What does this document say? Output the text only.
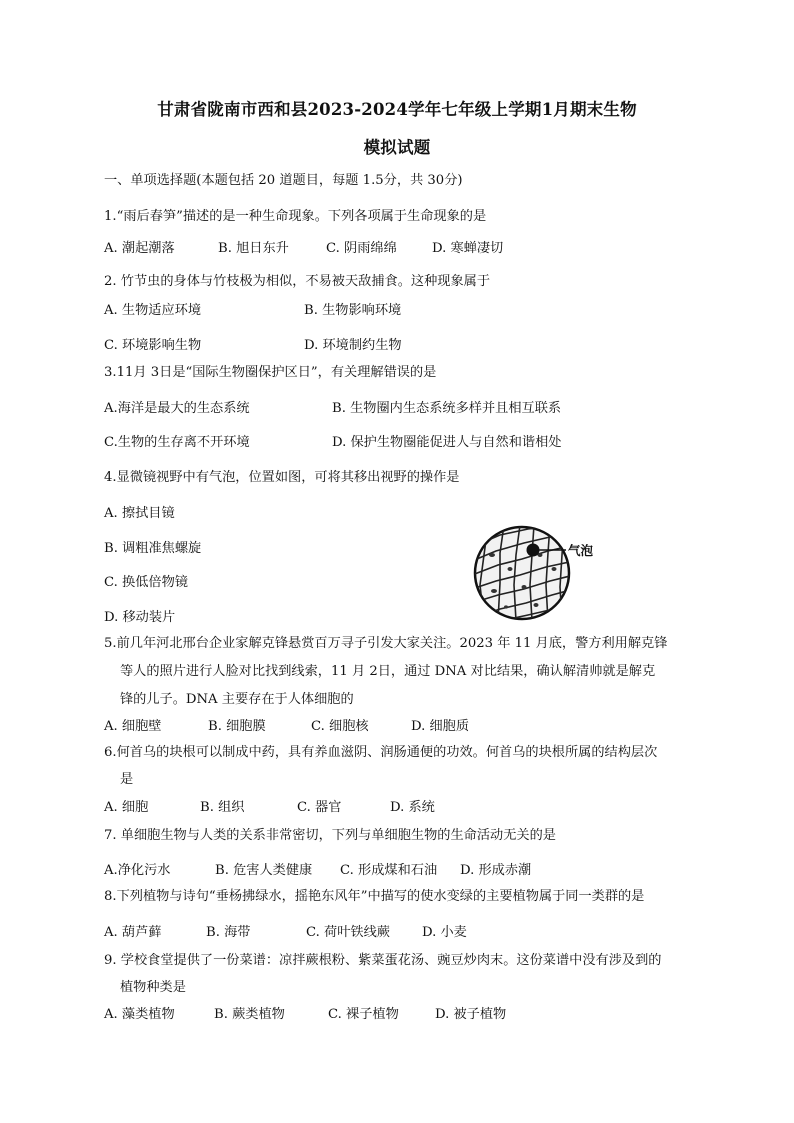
甘肃省陇南市西和县2023-2024学年七年级上学期1月期末生物
模拟试题
一、单项选择题(本题包括 20 道题目，每题 1.5分，共 30分)
1.“雨后春笋”描述的是一种生命现象。下列各项属于生命现象的是
A. 潮起潮落	B. 旭日东升	C. 阴雨绵绵	D. 寒蝉凄切
2. 竹节虫的身体与竹枝极为相似，不易被天敌捕食。这种现象属于
A. 生物适应环境	B. 生物影响环境
C. 环境影响生物	D. 环境制约生物
3.11月 3日是“国际生物圈保护区日”，有关理解错误的是
A.海洋是最大的生态系统	B. 生物圈内生态系统多样并且相互联系
C.生物的生存离不开环境	D. 保护生物圈能促进人与自然和谐相处
4.显微镜视野中有气泡，位置如图，可将其移出视野的操作是
A. 擦拭目镜
B. 调粗准焦螺旋
C. 换低倍物镜
D. 移动装片
气泡
5.前几年河北邢台企业家解克锋悬赏百万寻子引发大家关注。2023 年 11 月底，警方利用解克锋
等人的照片进行人脸对比找到线索，11 月 2日，通过 DNA 对比结果，确认解清帅就是解克
锋的儿子。DNA 主要存在于人体细胞的
A. 细胞壁	B. 细胞膜	C. 细胞核	D. 细胞质
6.何首乌的块根可以制成中药，具有养血滋阴、润肠通便的功效。何首乌的块根所属的结构层次
是
A. 细胞	B. 组织	C. 器官	D. 系统
7. 单细胞生物与人类的关系非常密切，下列与单细胞生物的生命活动无关的是
A.净化污水	B. 危害人类健康 C. 形成煤和石油 D. 形成赤潮
8.下列植物与诗句“垂杨拂绿水，摇艳东风年”中描写的使水变绿的主要植物属于同一类群的是
A. 葫芦藓	B. 海带	C. 荷叶铁线蕨 D. 小麦
9. 学校食堂提供了一份菜谱：凉拌蕨根粉、紫菜蛋花汤、豌豆炒肉末。这份菜谱中没有涉及到的
植物种类是
A. 藻类植物	B. 蕨类植物	C. 裸子植物	D. 被子植物
